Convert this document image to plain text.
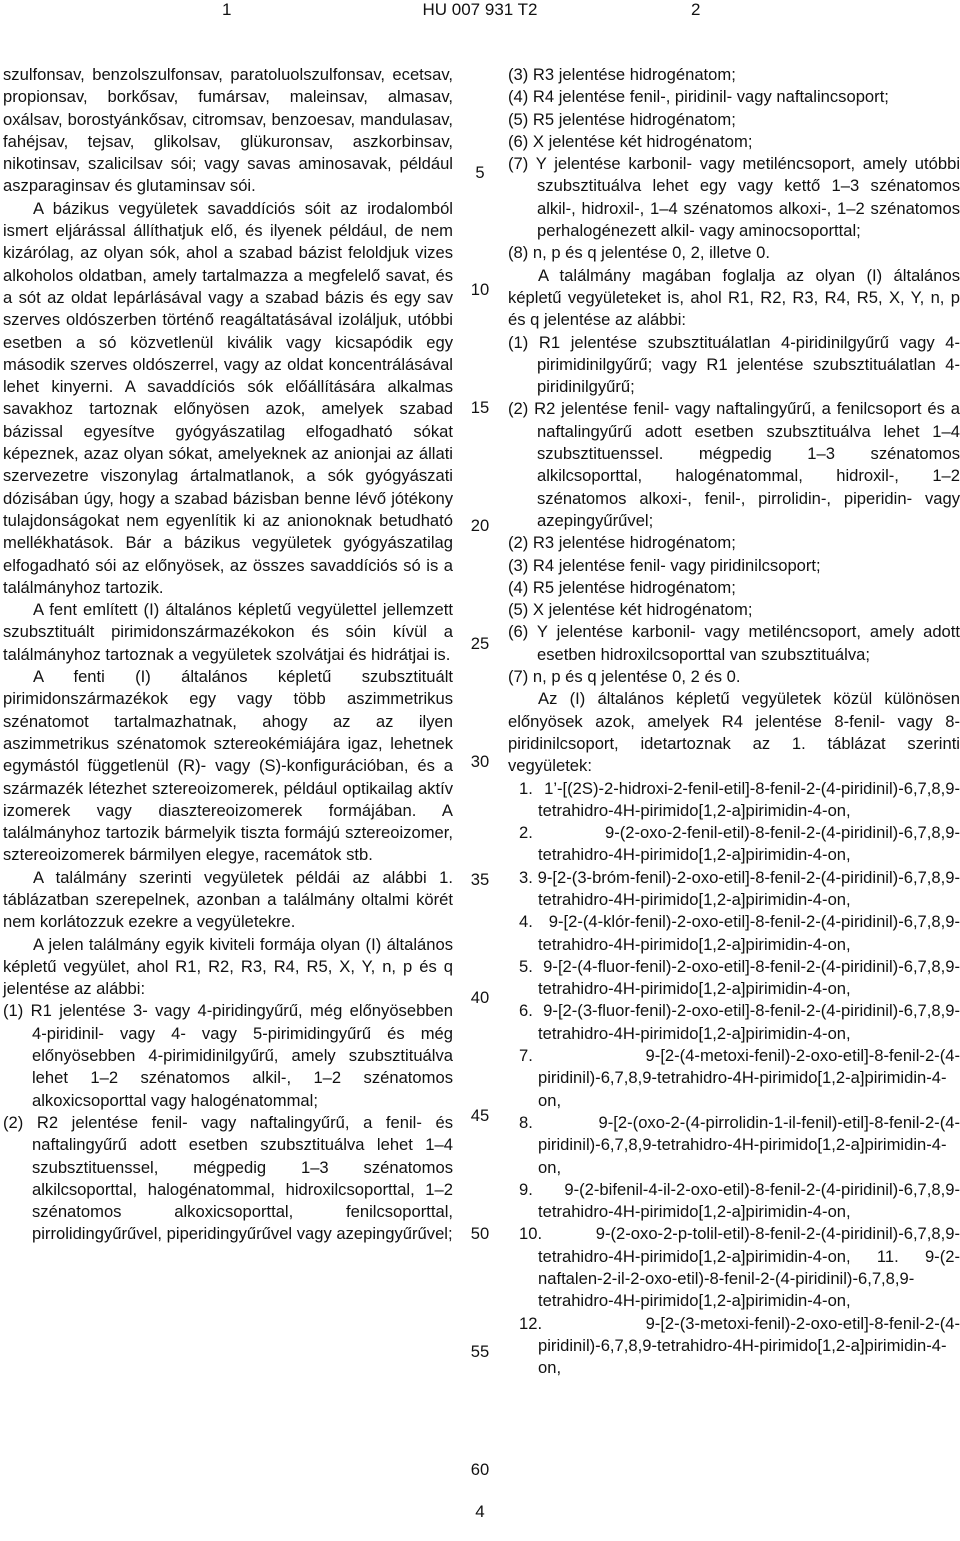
1	HU 007 931 T2	2

szulfonsav, benzolszulfonsav, paratoluolszulfonsav, ecetsav, propionsav, borkősav, fumársav, maleinsav, almasav, oxálsav, borostyánkősav, citromsav, benzoesav, mandulasav, fahéjsav, tejsav, glikolsav, glükuronsav, aszkorbinsav, nikotinsav, szalicilsav sói; vagy savas aminosavak, például aszparaginsav és glutaminsav sói.

A bázikus vegyületek savaddíciós sóit az irodalomból ismert eljárással állíthatjuk elő, és ilyenek például, de nem kizárólag, az olyan sók, ahol a szabad bázist feloldjuk vizes alkoholos oldatban, amely tartalmazza a megfelelő savat, és a sót az oldat lepárlásával vagy a szabad bázis és egy sav szerves oldószerben történő reagáltatásával izoláljuk, utóbbi esetben a só közvetlenül kiválik vagy kicsapódik egy második szerves oldószerrel, vagy az oldat koncentrálásával lehet kinyerni. A savaddíciós sók előállítására alkalmas savakhoz tartoznak előnyösen azok, amelyek szabad bázissal egyesítve gyógyászatilag elfogadható sókat képeznek, azaz olyan sókat, amelyeknek az anionjai az állati szervezetre viszonylag ártalmatlanok, a sók gyógyászati dózisában úgy, hogy a szabad bázisban benne lévő jótékony tulajdonságokat nem egyenlítik ki az anionoknak betudható mellékhatások. Bár a bázikus vegyületek gyógyászatilag elfogadható sói az előnyösek, az összes savaddíciós só is a találmányhoz tartozik.

A fent említett (I) általános képletű vegyülettel jellemzett szubsztituált pirimidonszármazékokon és sóin kívül a találmányhoz tartoznak a vegyületek szolvátjai és hidrátjai is.

A fenti (I) általános képletű szubsztituált pirimidonszármazékok egy vagy több aszimmetrikus szénatomot tartalmazhatnak, ahogy az az ilyen aszimmetrikus szénatomok sztereokémiájára igaz, lehetnek egymástól függetlenül (R)- vagy (S)-konfigurációban, és a származék létezhet sztereoizomerek, például optikailag aktív izomerek vagy diasztereoizomerek formájában. A találmányhoz tartozik bármelyik tiszta formájú sztereoizomer, sztereoizomerek bármilyen elegye, racemátok stb.

A találmány szerinti vegyületek példái az alábbi 1. táblázatban szerepelnek, azonban a találmány oltalmi körét nem korlátozzuk ezekre a vegyületekre.

A jelen találmány egyik kiviteli formája olyan (I) általános képletű vegyület, ahol R1, R2, R3, R4, R5, X, Y, n, p és q jelentése az alábbi:

(1) R1 jelentése 3- vagy 4-piridingyűrű, még előnyösebben 4-piridinil- vagy 4- vagy 5-pirimidingyűrű és még előnyösebben 4-pirimidinilgyűrű, amely szubsztituálva lehet 1–2 szénatomos alkil-, 1–2 szénatomos alkoxicsoporttal vagy halogénatommal;

(2) R2 jelentése fenil- vagy naftalingyűrű, a fenil- és naftalingyűrű adott esetben szubsztituálva lehet 1–4 szubsztituenssel, mégpedig 1–3 szénatomos alkilcsoporttal, halogénatommal, hidroxilcsoporttal, 1–2 szénatomos alkoxicsoporttal, fenilcsoporttal, pirrolidingyűrűvel, piperidingyűrűvel vagy azepingyűrűvel;

5
10
15
20
25
30
35
40
45
50
55
60

(3) R3 jelentése hidrogénatom;

(4) R4 jelentése fenil-, piridinil- vagy naftalincsoport;

(5) R5 jelentése hidrogénatom;

(6) X jelentése két hidrogénatom;

(7) Y jelentése karbonil- vagy metiléncsoport, amely utóbbi szubsztituálva lehet egy vagy kettő 1–3 szénatomos alkil-, hidroxil-, 1–4 szénatomos alkoxi-, 1–2 szénatomos perhalogénezett alkil- vagy aminocsoporttal;

(8) n, p és q jelentése 0, 2, illetve 0.

A találmány magában foglalja az olyan (I) általános képletű vegyületeket is, ahol R1, R2, R3, R4, R5, X, Y, n, p és q jelentése az alábbi:

(1) R1 jelentése szubsztituálatlan 4-piridinilgyűrű vagy 4-pirimidinilgyűrű; vagy R1 jelentése szubsztituálatlan 4-piridinilgyűrű;

(2) R2 jelentése fenil- vagy naftalingyűrű, a fenilcsoport és a naftalingyűrű adott esetben szubsztituálva lehet 1–4 szubsztituenssel. mégpedig 1–3 szénatomos alkilcsoporttal, halogénatommal, hidroxil-, 1–2 szénatomos alkoxi-, fenil-, pirrolidin-, piperidin- vagy azepingyűrűvel;

(2) R3 jelentése hidrogénatom;

(3) R4 jelentése fenil- vagy piridinilcsoport;

(4) R5 jelentése hidrogénatom;

(5) X jelentése két hidrogénatom;

(6) Y jelentése karbonil- vagy metiléncsoport, amely adott esetben hidroxilcsoporttal van szubsztituálva;

(7) n, p és q jelentése 0, 2 és 0.

Az (I) általános képletű vegyületek közül különösen előnyösek azok, amelyek R4 jelentése 8-fenil- vagy 8-piridinilcsoport, idetartoznak az 1. táblázat szerinti vegyületek:

1. 1’-[(2S)-2-hidroxi-2-fenil-etil]-8-fenil-2-(4-piridinil)-6,7,8,9-tetrahidro-4H-pirimido[1,2-a]pirimidin-4-on,

2. 9-(2-oxo-2-fenil-etil)-8-fenil-2-(4-piridinil)-6,7,8,9-tetrahidro-4H-pirimido[1,2-a]pirimidin-4-on,

3. 9-[2-(3-bróm-fenil)-2-oxo-etil]-8-fenil-2-(4-piridinil)-6,7,8,9-tetrahidro-4H-pirimido[1,2-a]pirimidin-4-on,

4. 9-[2-(4-klór-fenil)-2-oxo-etil]-8-fenil-2-(4-piridinil)-6,7,8,9-tetrahidro-4H-pirimido[1,2-a]pirimidin-4-on,

5. 9-[2-(4-fluor-fenil)-2-oxo-etil]-8-fenil-2-(4-piridinil)-6,7,8,9-tetrahidro-4H-pirimido[1,2-a]pirimidin-4-on,

6. 9-[2-(3-fluor-fenil)-2-oxo-etil]-8-fenil-2-(4-piridinil)-6,7,8,9-tetrahidro-4H-pirimido[1,2-a]pirimidin-4-on,

7. 9-[2-(4-metoxi-fenil)-2-oxo-etil]-8-fenil-2-(4-piridinil)-6,7,8,9-tetrahidro-4H-pirimido[1,2-a]pirimidin-4-on,

8. 9-[2-(oxo-2-(4-pirrolidin-1-il-fenil)-etil]-8-fenil-2-(4-piridinil)-6,7,8,9-tetrahidro-4H-pirimido[1,2-a]pirimidin-4-on,

9. 9-(2-bifenil-4-il-2-oxo-etil)-8-fenil-2-(4-piridinil)-6,7,8,9-tetrahidro-4H-pirimido[1,2-a]pirimidin-4-on,

10. 9-(2-oxo-2-p-tolil-etil)-8-fenil-2-(4-piridinil)-6,7,8,9-tetrahidro-4H-pirimido[1,2-a]pirimidin-4-on, 11. 9-(2-naftalen-2-il-2-oxo-etil)-8-fenil-2-(4-piridinil)-6,7,8,9-tetrahidro-4H-pirimido[1,2-a]pirimidin-4-on,

12. 9-[2-(3-metoxi-fenil)-2-oxo-etil]-8-fenil-2-(4-piridinil)-6,7,8,9-tetrahidro-4H-pirimido[1,2-a]pirimidin-4-on,

4
